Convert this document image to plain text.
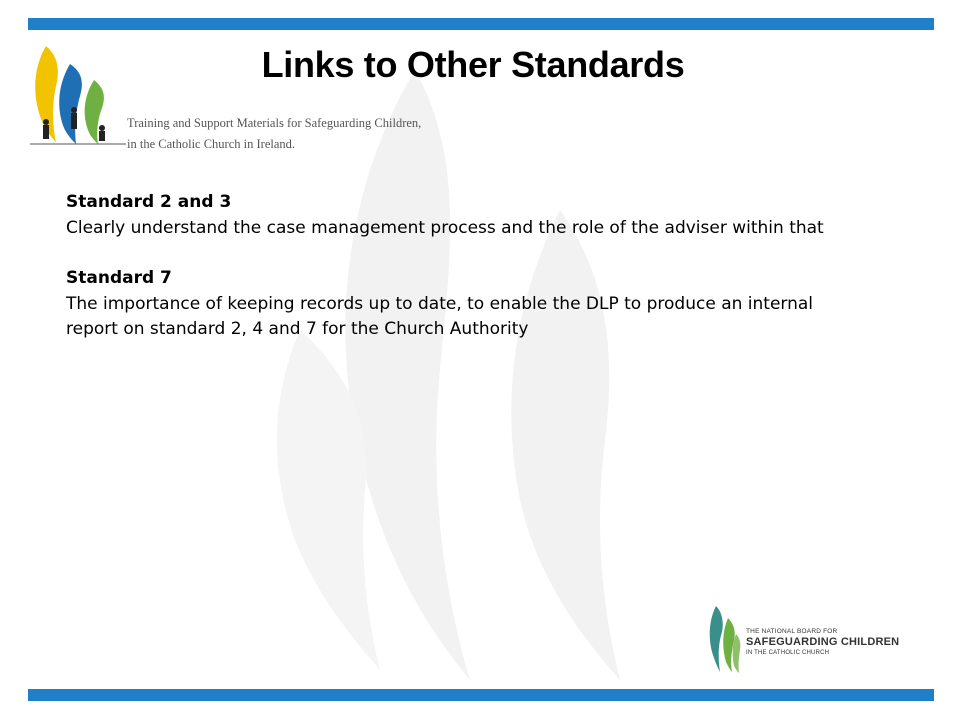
Links to Other Standards
Training and Support Materials for Safeguarding Children,
in the Catholic Church in Ireland.
Standard 2 and 3
Clearly understand the case management process and the role of the adviser within that
Standard 7
The importance of keeping records up to date, to enable the DLP to produce an internal report on standard 2, 4 and 7 for the Church Authority
THE NATIONAL BOARD FOR
SAFEGUARDING CHILDREN
IN THE CATHOLIC CHURCH
